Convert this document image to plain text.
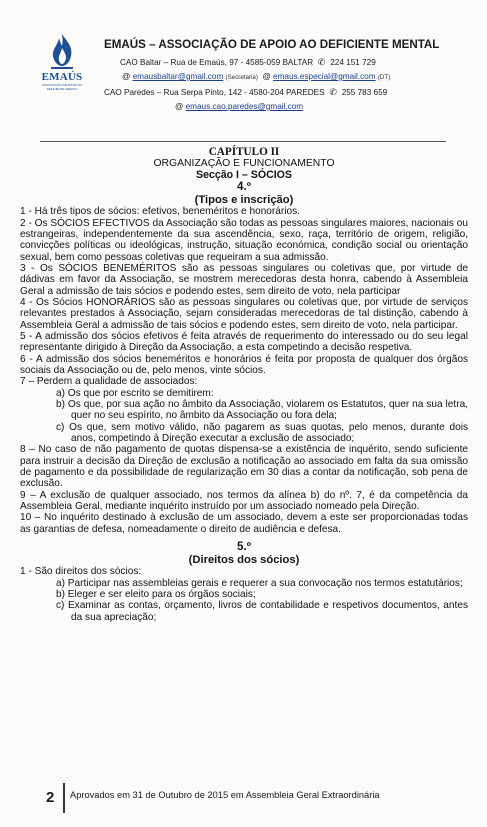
EMAÚS
ASSOCIAÇÃO DE APOIO AO DEFICIENTE MENTAL
EMAÚS – ASSOCIAÇÃO DE APOIO AO DEFICIENTE MENTAL
CAO Baltar – Rua de Emaús, 97 - 4585-059 BALTAR  ✆  224 151 729
@ emausbaltar@gmail.com (Secretaria)  @ emaus.especial@gmail.com (DT)
CAO Paredes – Rua Serpa Pinto, 142 - 4580-204 PAREDES  ✆  255 783 659
@ emaus.cao.paredes@gmail.com

CAPÍTULO II

ORGANIZAÇÃO E FUNCIONAMENTO

Secção I – SÓCIOS

4.º

(Tipos e inscrição)

1 - Há três tipos de sócios: efetivos, beneméritos e honorários.

2 - Os SÓCIOS EFECTIVOS da Associação são todas as pessoas singulares maiores, nacionais ou estrangeiras, independentemente da sua ascendência, sexo, raça, território de origem, religião, convicções políticas ou ideológicas, instrução, situação económica, condição social ou orientação sexual, bem como pessoas coletivas que requeiram a sua admissão.

3 - Os SÓCIOS BENEMÉRITOS são as pessoas singulares ou coletivas que, por virtude de dádivas em favor da Associação, se mostrem merecedoras desta honra, cabendo à Assembleia Geral a admissão de tais sócios e podendo estes, sem direito de voto, nela participar

4 - Os Sócios HONORÁRIOS são as pessoas singulares ou coletivas que, por virtude de serviços relevantes prestados à Associação, sejam consideradas merecedoras de tal distinção, cabendo à Assembleia Geral a admissão de tais sócios e podendo estes, sem direito de voto, nela participar.

5 - A admissão dos sócios efetivos é feita através de requerimento do interessado ou do seu legal representante dirigido à Direção da Associação, a esta competindo a decisão respetiva.

6 - A admissão dos sócios beneméritos e honorários é feita por proposta de qualquer dos órgãos sociais da Associação ou de, pelo menos, vinte sócios.

7 – Perdem a qualidade de associados:

a) Os que por escrito se demitirem:

b) Os que, por sua ação no âmbito da Associação, violarem os Estatutos, quer na sua letra, quer no seu espírito, no âmbito da Associação ou fora dela;

c) Os que, sem motivo válido, não pagarem as suas quotas, pelo menos, durante dois anos, competindo à Direção executar a exclusão de associado;

8 – No caso de não pagamento de quotas dispensa-se a existência de inquérito, sendo suficiente para instruir a decisão da Direção de exclusão a notificação ao associado em falta da sua omissão de pagamento e da possibilidade de regularização em 30 dias a contar da notificação, sob pena de exclusão.

9 – A exclusão de qualquer associado, nos termos da alínea b) do nº. 7, é da competência da Assembleia Geral, mediante inquérito instruído por um associado nomeado pela Direção.

10 – No inquérito destinado à exclusão de um associado, devem a este ser proporcionadas todas as garantias de defesa, nomeadamente o direito de audiência e defesa.

5.º

(Direitos dos sócios)

1 - São direitos dos sócios:

a) Participar nas assembleias gerais e requerer a sua convocação nos termos estatutários;

b) Eleger e ser eleito para os órgãos sociais;

c) Examinar as contas, orçamento, livros de contabilidade e respetivos documentos, antes da sua apreciação;

2 Aprovados em 31 de Outubro de 2015 em Assembleia Geral Extraordinária
